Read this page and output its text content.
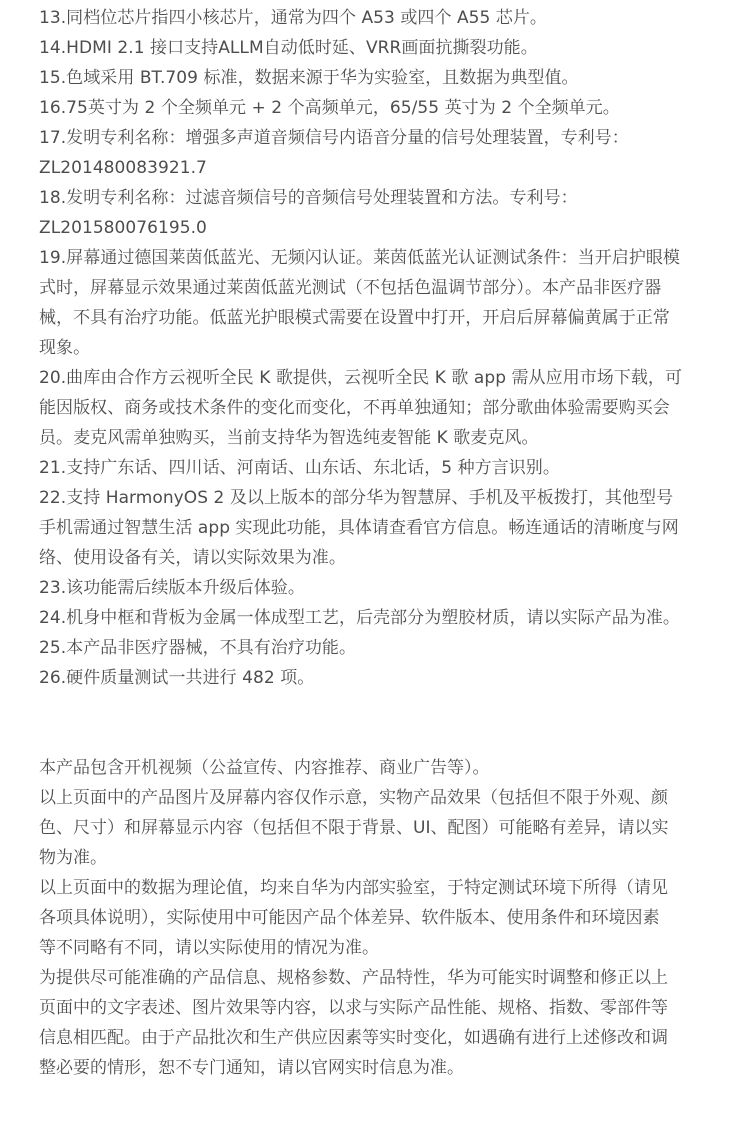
13.同档位芯片指四小核芯片，通常为四个 A53 或四个 A55 芯片。
14.HDMI 2.1 接口支持ALLM自动低时延、VRR画面抗撕裂功能。
15.色域采用 BT.709 标准，数据来源于华为实验室，且数据为典型值。
16.75英寸为 2 个全频单元 + 2 个高频单元，65/55 英寸为 2 个全频单元。
17.发明专利名称：增强多声道音频信号内语音分量的信号处理装置，专利号：
ZL201480083921.7
18.发明专利名称：过滤音频信号的音频信号处理装置和方法。专利号：
ZL201580076195.0
19.屏幕通过德国莱茵低蓝光、无频闪认证。莱茵低蓝光认证测试条件：当开启护眼模
式时，屏幕显示效果通过莱茵低蓝光测试（不包括色温调节部分）。本产品非医疗器
械，不具有治疗功能。低蓝光护眼模式需要在设置中打开，开启后屏幕偏黄属于正常
现象。
20.曲库由合作方云视听全民 K 歌提供，云视听全民 K 歌 app 需从应用市场下载，可
能因版权、商务或技术条件的变化而变化，不再单独通知；部分歌曲体验需要购买会
员。麦克风需单独购买，当前支持华为智选纯麦智能 K 歌麦克风。
21.支持广东话、四川话、河南话、山东话、东北话，5 种方言识别。
22.支持 HarmonyOS 2 及以上版本的部分华为智慧屏、手机及平板拨打，其他型号
手机需通过智慧生活 app 实现此功能，具体请查看官方信息。畅连通话的清晰度与网
络、使用设备有关，请以实际效果为准。
23.该功能需后续版本升级后体验。
24.机身中框和背板为金属一体成型工艺，后壳部分为塑胶材质，请以实际产品为准。
25.本产品非医疗器械，不具有治疗功能。
26.硬件质量测试一共进行 482 项。
本产品包含开机视频（公益宣传、内容推荐、商业广告等）。
以上页面中的产品图片及屏幕内容仅作示意，实物产品效果（包括但不限于外观、颜
色、尺寸）和屏幕显示内容（包括但不限于背景、UI、配图）可能略有差异，请以实
物为准。
以上页面中的数据为理论值，均来自华为内部实验室，于特定测试环境下所得（请见
各项具体说明），实际使用中可能因产品个体差异、软件版本、使用条件和环境因素
等不同略有不同，请以实际使用的情况为准。
为提供尽可能准确的产品信息、规格参数、产品特性，华为可能实时调整和修正以上
页面中的文字表述、图片效果等内容，以求与实际产品性能、规格、指数、零部件等
信息相匹配。由于产品批次和生产供应因素等实时变化，如遇确有进行上述修改和调
整必要的情形，恕不专门通知，请以官网实时信息为准。
